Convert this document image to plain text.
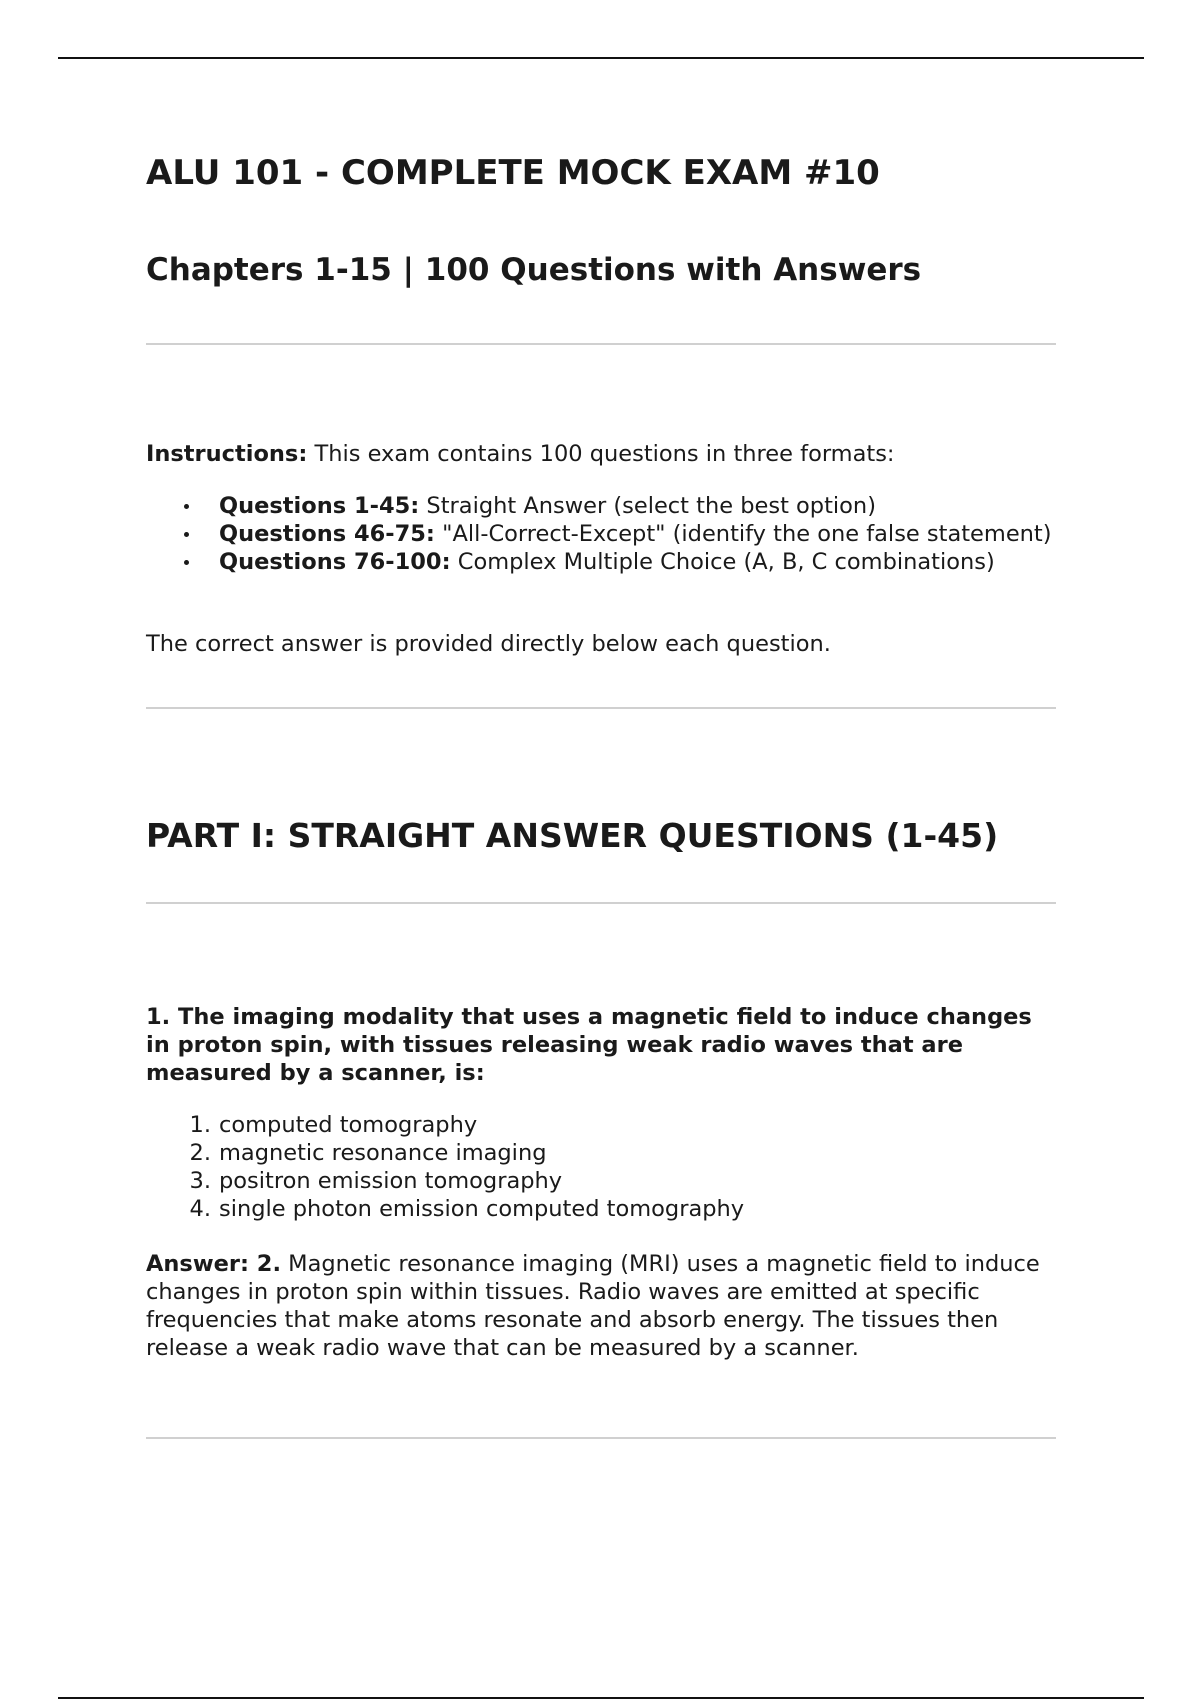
ALU 101 - COMPLETE MOCK EXAM #10
Chapters 1-15 | 100 Questions with Answers

Instructions: This exam contains 100 questions in three formats:

Questions 1-45: Straight Answer (select the best option)
Questions 46-75: "All-Correct-Except" (identify the one false statement)
Questions 76-100: Complex Multiple Choice (A, B, C combinations)

The correct answer is provided directly below each question.

PART I: STRAIGHT ANSWER QUESTIONS (1-45)

1. The imaging modality that uses a magnetic field to induce changes in proton spin, with tissues releasing weak radio waves that are measured by a scanner, is:

1. computed tomography
2. magnetic resonance imaging
3. positron emission tomography
4. single photon emission computed tomography

Answer: 2. Magnetic resonance imaging (MRI) uses a magnetic field to induce changes in proton spin within tissues. Radio waves are emitted at specific frequencies that make atoms resonate and absorb energy. The tissues then release a weak radio wave that can be measured by a scanner.
